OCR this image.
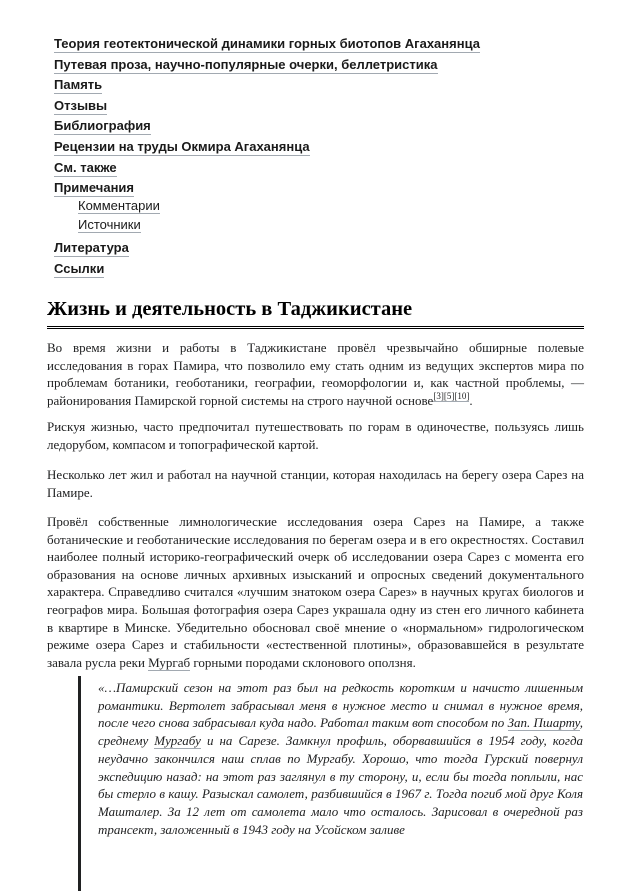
Теория геотектонической динамики горных биотопов Агаханянца
Путевая проза, научно-популярные очерки, беллетристика
Память
Отзывы
Библиография
Рецензии на труды Окмира Агаханянца
См. также
Примечания
Комментарии
Источники
Литература
Ссылки
Жизнь и деятельность в Таджикистане

Во время жизни и работы в Таджикистане провёл чрезвычайно обширные полевые исследования в горах Памира, что позволило ему стать одним из ведущих экспертов мира по проблемам ботаники, геоботаники, географии, геоморфологии и, как частной проблемы, — районирования Памирской горной системы на строго научной основе[3][5][10].

Рискуя жизнью, часто предпочитал путешествовать по горам в одиночестве, пользуясь лишь ледорубом, компасом и топографической картой.

Несколько лет жил и работал на научной станции, которая находилась на берегу озера Сарез на Памире.

Провёл собственные лимнологические исследования озера Сарез на Памире, а также ботанические и геоботанические исследования по берегам озера и в его окрестностях. Составил наиболее полный историко-географический очерк об исследовании озера Сарез с момента его образования на основе личных архивных изысканий и опросных сведений документального характера. Справедливо считался «лучшим знатоком озера Сарез» в научных кругах биологов и географов мира. Большая фотография озера Сарез украшала одну из стен его личного кабинета в квартире в Минске. Убедительно обосновал своё мнение о «нормальном» гидрологическом режиме озера Сарез и стабильности «естественной плотины», образовавшейся в результате завала русла реки Мургаб горными породами склонового оползня.

«…Памирский сезон на этот раз был на редкость коротким и начисто лишенным романтики. Вертолет забрасывал меня в нужное место и снимал в нужное время, после чего снова забрасывал куда надо. Работал таким вот способом по Зап. Пшарту, среднему Мургабу и на Сарезе. Замкнул профиль, оборвавшийся в 1954 году, когда неудачно закончился наш сплав по Мургабу. Хорошо, что тогда Гурский повернул экспедицию назад: на этот раз заглянул в ту сторону, и, если бы тогда поплыли, нас бы стерло в кашу. Разыскал самолет, разбившийся в 1967 г. Тогда погиб мой друг Коля Машталер. За 12 лет от самолета мало что осталось. Зарисовал в очередной раз трансект, заложенный в 1943 году на Усойском заливе
